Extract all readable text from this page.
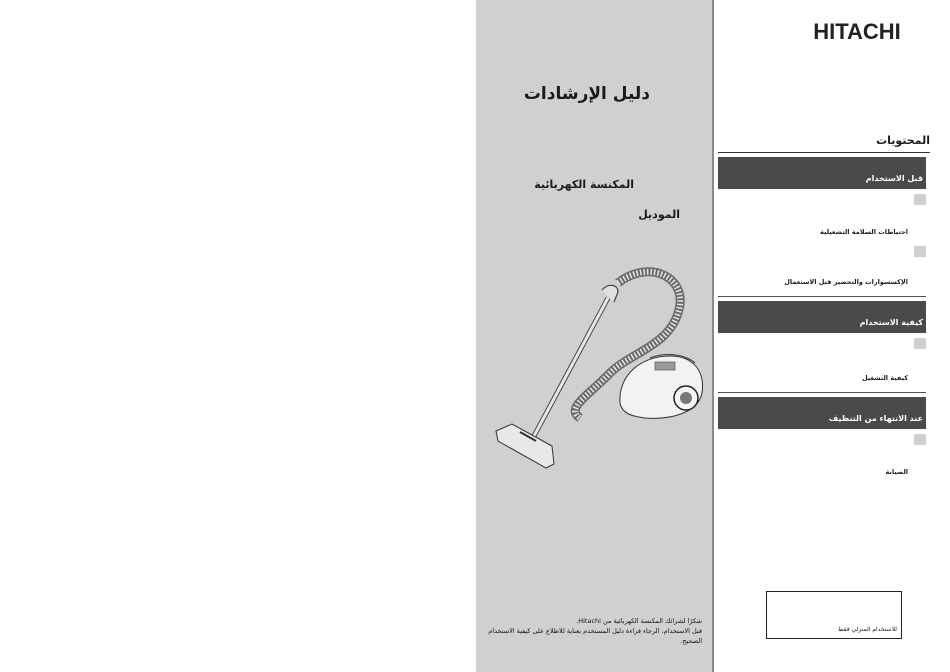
دليل الإرشادات
المكنسة الكهربائية
الموديل

شكرًا لشرائك المكنسة الكهربائية من Hitachi.

قبل الاستخدام، الرجاء قراءة دليل المستخدم بعناية للاطلاع على كيفية الاستخدام الصحيح.

HITACHI
المحتويات
قبل الاستخدام
احتياطات السلامة التشغيلية
الإكسسوارات والتحضير قبل الاستعمال
كيفية الاستخدام
كيفية التشغيل
عند الانتهاء من التنظيف
الصيانة
للاستخدام المنزلي فقط
